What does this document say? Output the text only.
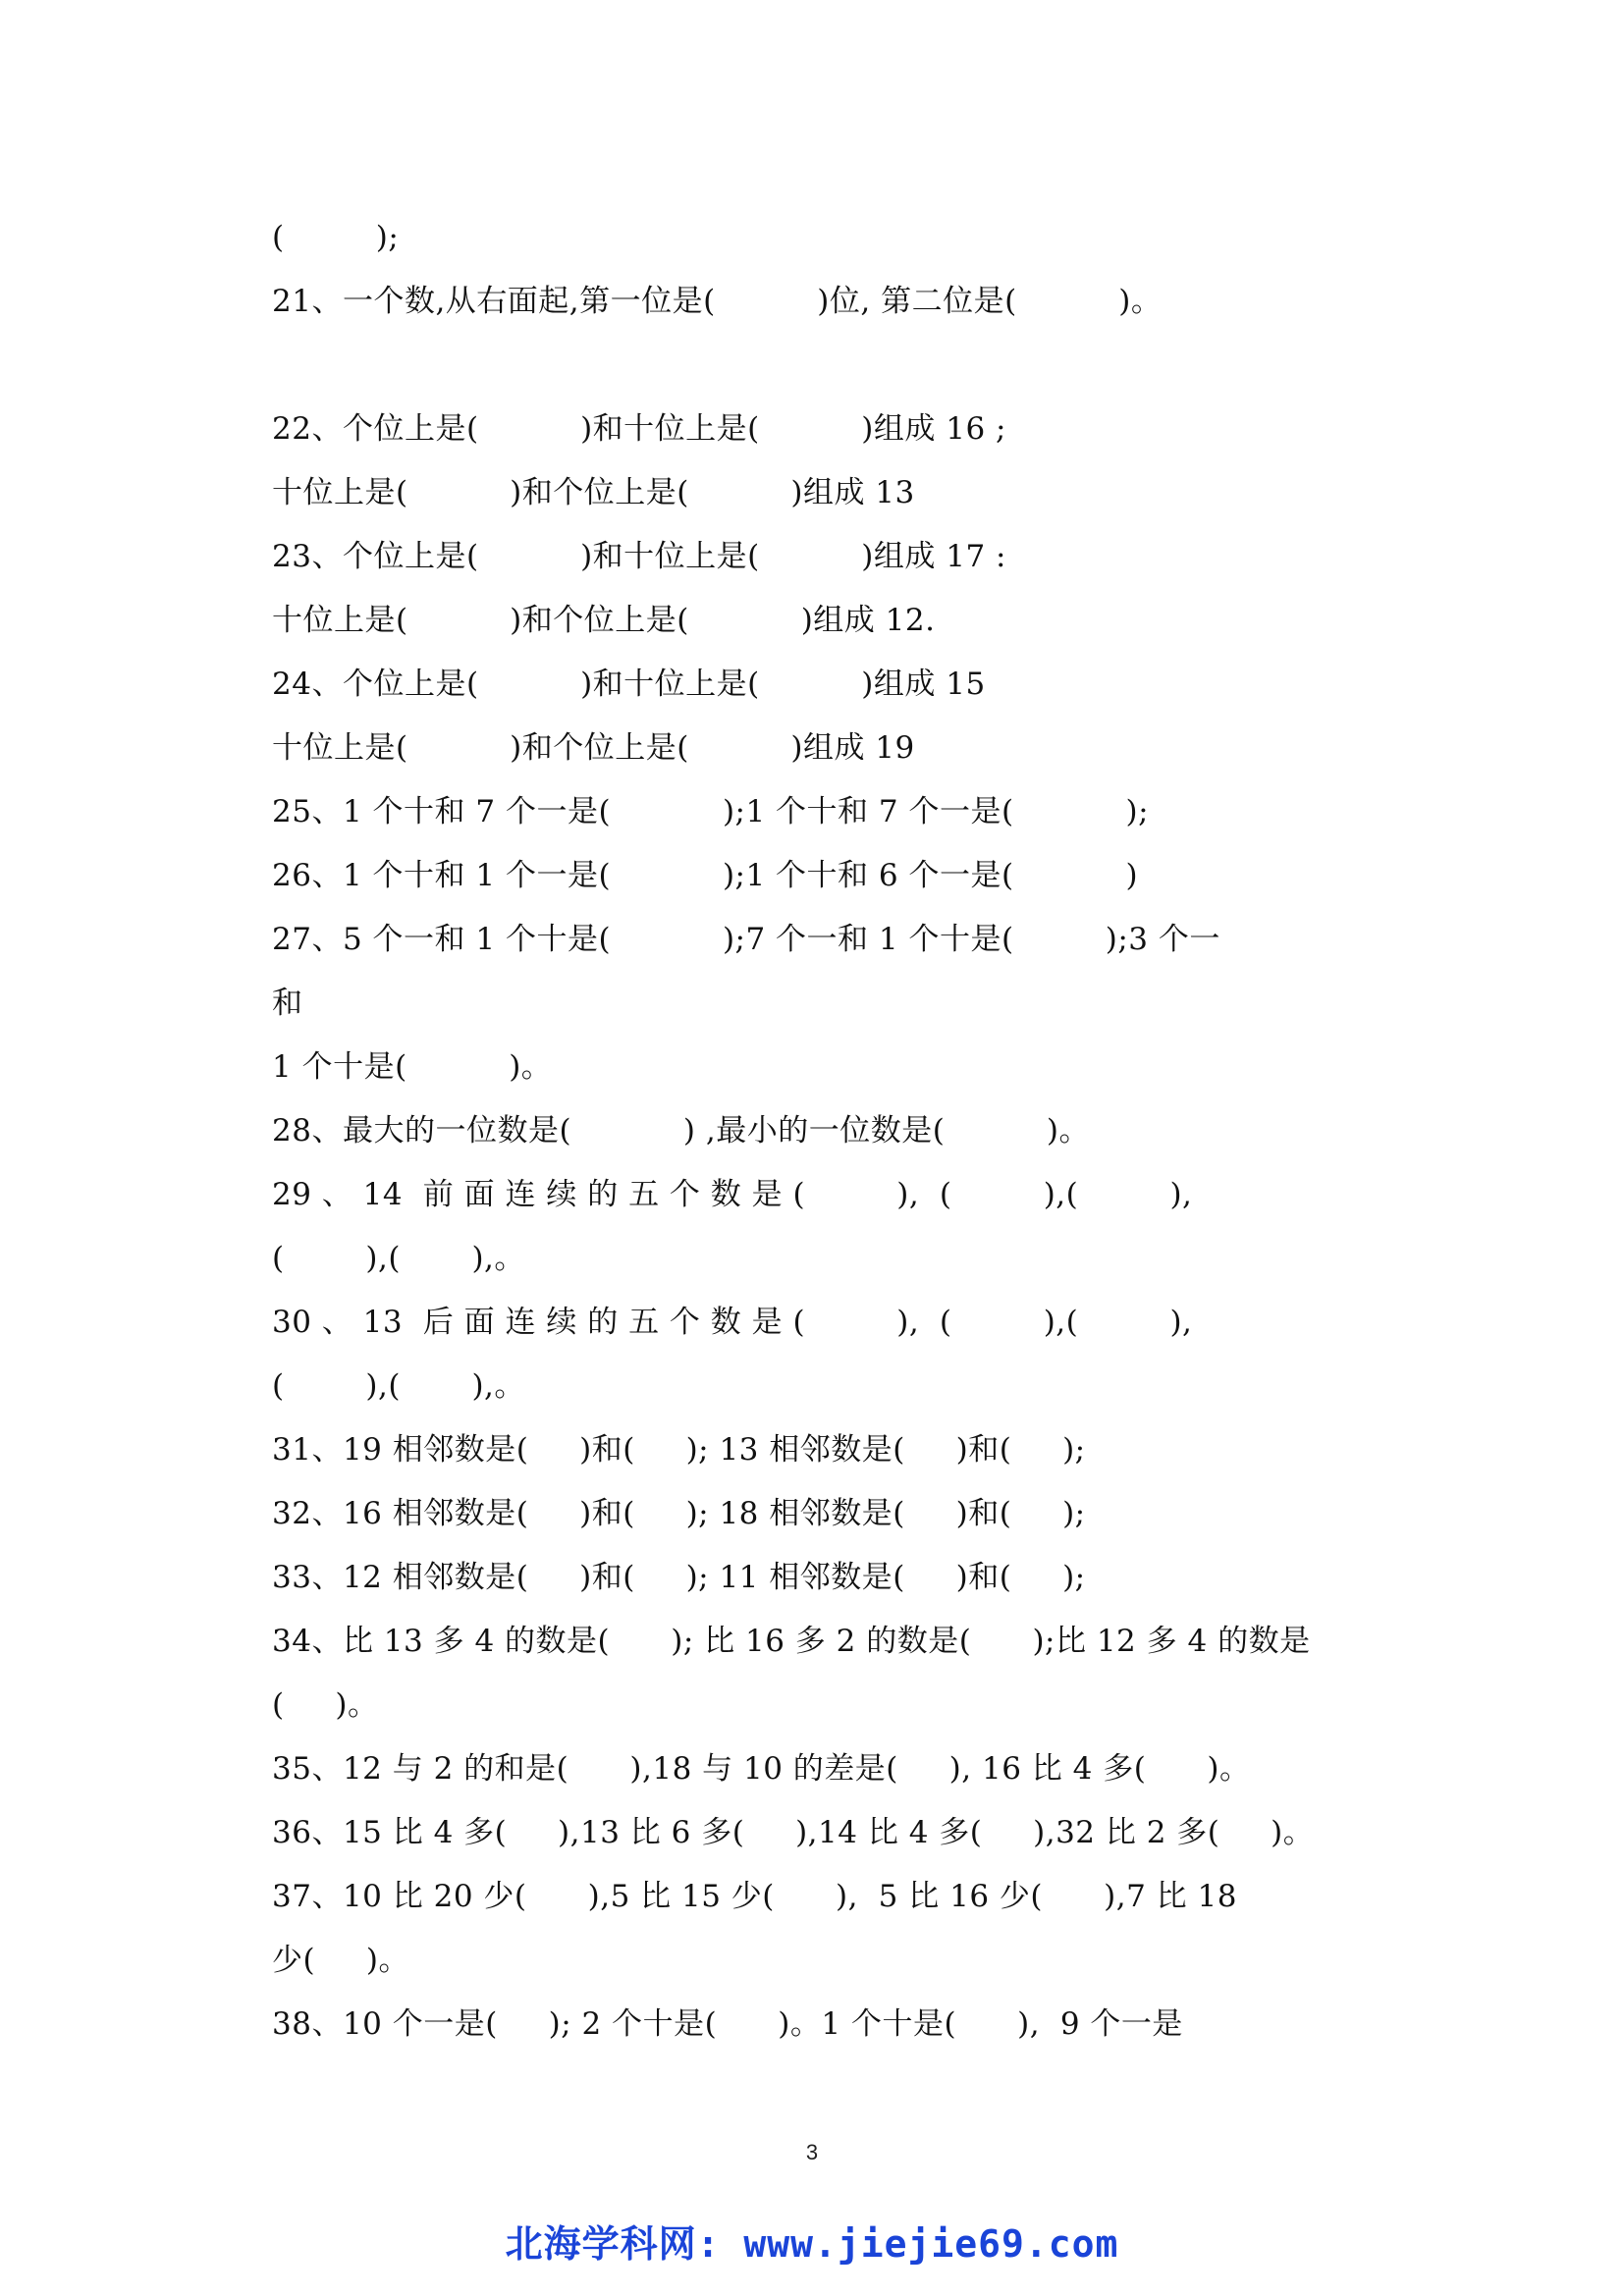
(         );
21、一个数,从右面起,第一位是(          )位, 第二位是(          )。
22、个位上是(          )和十位上是(          )组成 16 ;
十位上是(          )和个位上是(          )组成 13
23、个位上是(          )和十位上是(          )组成 17 :
十位上是(          )和个位上是(           )组成 12.
24、个位上是(          )和十位上是(          )组成 15
十位上是(          )和个位上是(          )组成 19
25、1 个十和 7 个一是(           );1 个十和 7 个一是(           );
26、1 个十和 1 个一是(           );1 个十和 6 个一是(           )
27、5 个一和 1 个十是(           );7 个一和 1 个十是(         );3 个一
和
1 个十是(          )。
28、最大的一位数是(           ) ,最小的一位数是(          )。
29 、 14  前 面 连 续 的 五 个 数 是 (         ),  (         ),(         ),
(        ),(       ),。
30 、 13  后 面 连 续 的 五 个 数 是 (         ),  (         ),(         ),
(        ),(       ),。
31、19 相邻数是(     )和(     ); 13 相邻数是(     )和(     );
32、16 相邻数是(     )和(     ); 18 相邻数是(     )和(     );
33、12 相邻数是(     )和(     ); 11 相邻数是(     )和(     );
34、比 13 多 4 的数是(      ); 比 16 多 2 的数是(      );比 12 多 4 的数是
(     )。
35、12 与 2 的和是(      ),18 与 10 的差是(     ), 16 比 4 多(      )。
36、15 比 4 多(     ),13 比 6 多(     ),14 比 4 多(     ),32 比 2 多(     )。
37、10 比 20 少(      ),5 比 15 少(      ),  5 比 16 少(      ),7 比 18
少(     )。
38、10 个一是(     ); 2 个十是(      )。1 个十是(      ),  9 个一是
3
北海学科网: www.jiejie69.com
